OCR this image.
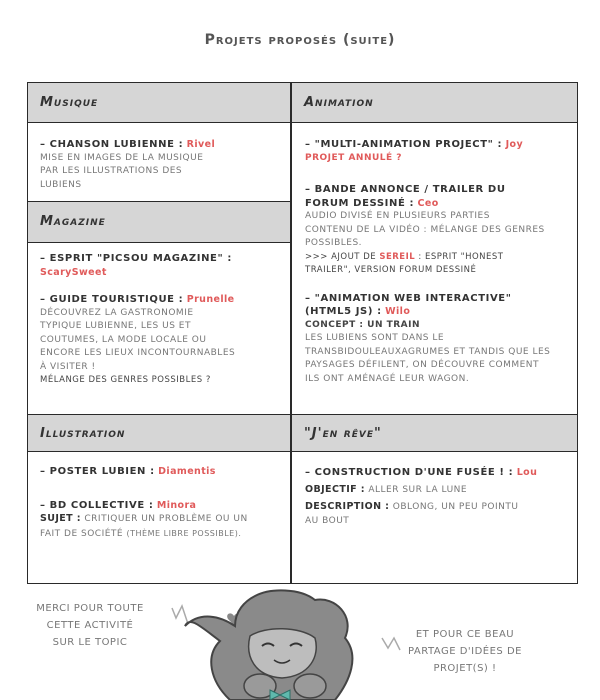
Projets proposés (suite)
Musique
– CHANSON LUBIENNE : Rivel
MISE EN IMAGES DE LA MUSIQUE
PAR LES ILLUSTRATIONS DES
LUBIENS
Magazine
– ESPRIT "PICSOU MAGAZINE" :
ScarySweet
– GUIDE TOURISTIQUE : Prunelle
DÉCOUVREZ LA GASTRONOMIE
TYPIQUE LUBIENNE, LES US ET
COUTUMES, LA MODE LOCALE OU
ENCORE LES LIEUX INCONTOURNABLES
À VISITER !
MÉLANGE DES GENRES POSSIBLES ?
Animation
– "MULTI-ANIMATION PROJECT" : Joy
PROJET ANNULÉ ?
– BANDE ANNONCE / TRAILER DU
FORUM DESSINÉ : Ceo
AUDIO DIVISÉ EN PLUSIEURS PARTIES
CONTENU DE LA VIDÉO : MÉLANGE DES GENRES
POSSIBLES.
>>> AJOUT DE SEREIL : ESPRIT "HONEST
TRAILER", VERSION FORUM DESSINÉ
– "ANIMATION WEB INTERACTIVE"
(HTML5 JS) : Wilo
CONCEPT : UN TRAIN
LES LUBIENS SONT DANS LE
TRANSBIDOULEAUXAGRUMES ET TANDIS QUE LES
PAYSAGES DÉFILENT, ON DÉCOUVRE COMMENT
ILS ONT AMÉNAGÉ LEUR WAGON.
Illustration
– POSTER LUBIEN : Diamentis
– BD COLLECTIVE : Minora
SUJET : CRITIQUER UN PROBLÈME OU UN
FAIT DE SOCIÉTÉ (THÈME LIBRE POSSIBLE).
"J'en rêve"
– CONSTRUCTION D'UNE FUSÉE ! : Lou
OBJECTIF : ALLER SUR LA LUNE
DESCRIPTION : OBLONG, UN PEU POINTU
AU BOUT
MERCI POUR TOUTE
CETTE ACTIVITÉ
SUR LE TOPIC
ET POUR CE BEAU
PARTAGE D'IDÉES DE
PROJET(S) !
